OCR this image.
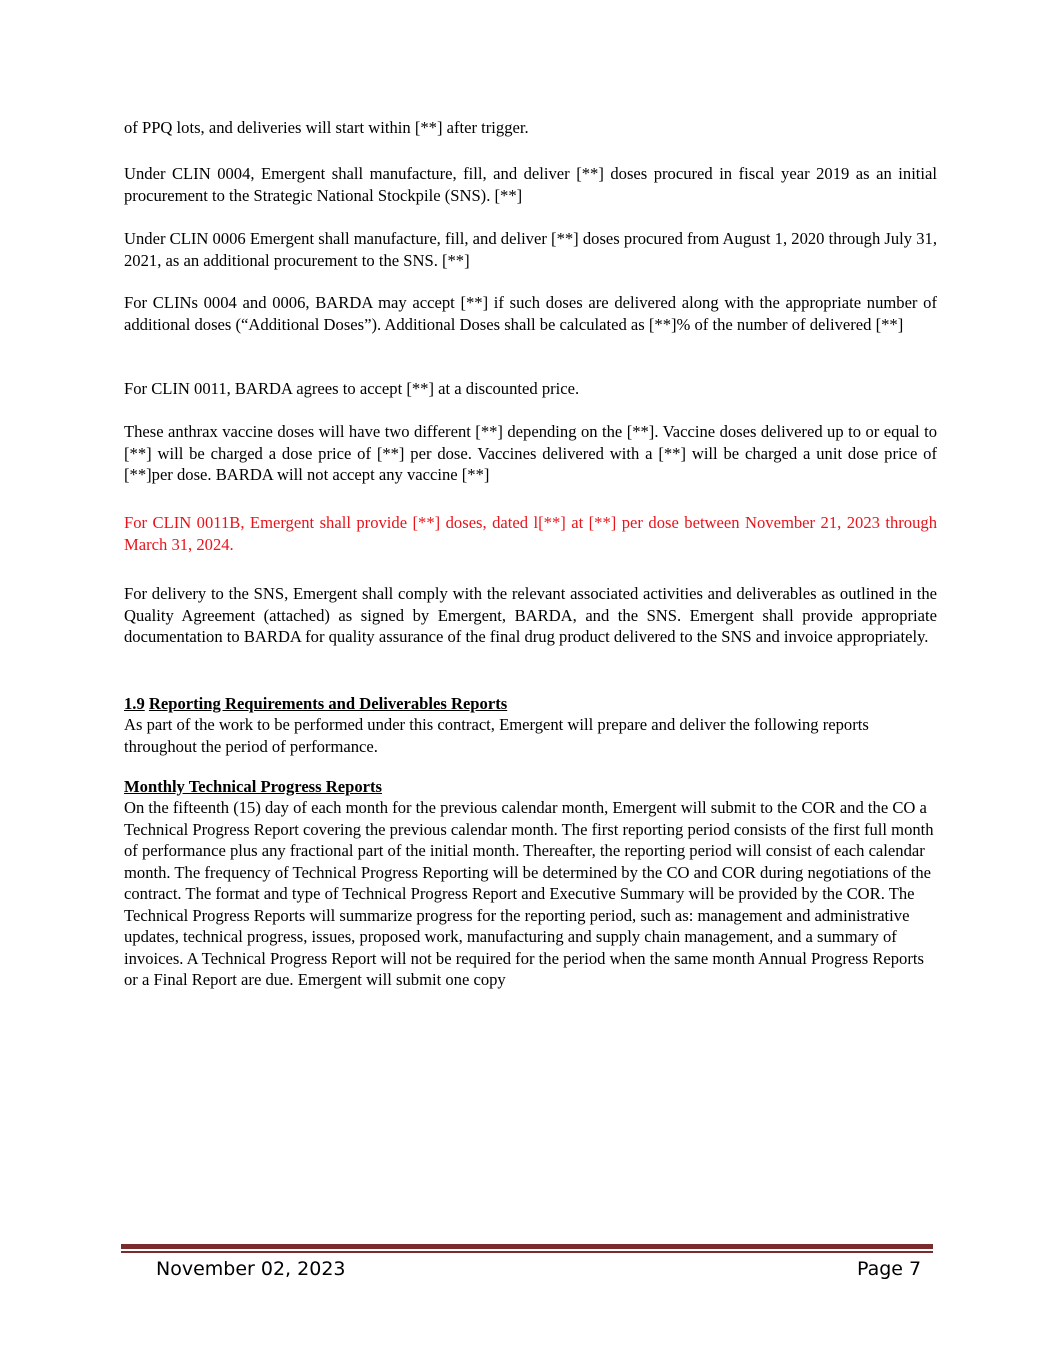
of PPQ lots, and deliveries will start within [**] after trigger.

Under CLIN 0004, Emergent shall manufacture, fill, and deliver [**] doses procured in fiscal year 2019 as an initial procurement to the Strategic National Stockpile (SNS). [**]

Under CLIN 0006 Emergent shall manufacture, fill, and deliver [**] doses procured from August 1, 2020 through July 31, 2021, as an additional procurement to the SNS. [**]

For CLINs 0004 and 0006, BARDA may accept [**] if such doses are delivered along with the appropriate number of additional doses (“Additional Doses”). Additional Doses shall be calculated as [**]% of the number of delivered [**]

For CLIN 0011, BARDA agrees to accept [**] at a discounted price.

These anthrax vaccine doses will have two different [**] depending on the [**]. Vaccine doses delivered up to or equal to [**] will be charged a dose price of [**] per dose. Vaccines delivered with a [**] will be charged a unit dose price of [**]per dose. BARDA will not accept any vaccine [**]

For CLIN 0011B, Emergent shall provide [**] doses, dated l[**] at [**] per dose between November 21, 2023 through March 31, 2024.

For delivery to the SNS, Emergent shall comply with the relevant associated activities and deliverables as outlined in the Quality Agreement (attached) as signed by Emergent, BARDA, and the SNS. Emergent shall provide appropriate documentation to BARDA for quality assurance of the final drug product delivered to the SNS and invoice appropriately.

1.9 Reporting Requirements and Deliverables Reports

As part of the work to be performed under this contract, Emergent will prepare and deliver the following reports throughout the period of performance.

Monthly Technical Progress Reports

On the fifteenth (15) day of each month for the previous calendar month, Emergent will submit to the COR and the CO a Technical Progress Report covering the previous calendar month. The first reporting period consists of the first full month of performance plus any fractional part of the initial month. Thereafter, the reporting period will consist of each calendar month. The frequency of Technical Progress Reporting will be determined by the CO and COR during negotiations of the contract. The format and type of Technical Progress Report and Executive Summary will be provided by the COR. The Technical Progress Reports will summarize progress for the reporting period, such as: management and administrative updates, technical progress, issues, proposed work, manufacturing and supply chain management, and a summary of invoices. A Technical Progress Report will not be required for the period when the same month Annual Progress Reports or a Final Report are due. Emergent will submit one copy

November 02, 2023	Page 7
